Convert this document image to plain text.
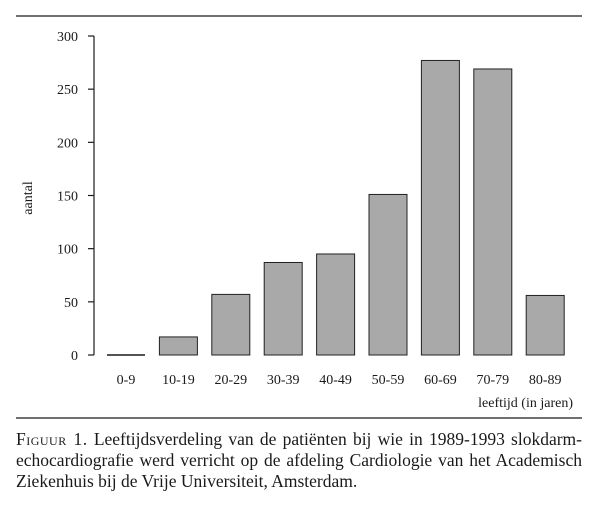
0
50
100
150
200
250
300
0-9 10-19 20-29 30-39 40-49 50-59 60-69 70-79 80-89
aantal
leeftijd (in jaren)
Figuur 1. Leeftijdsverdeling van de patiënten bij wie in 1989-1993 slokdarm-echocardiografie werd verricht op de afdeling Cardiologie van het Academisch Ziekenhuis bij de Vrije Universiteit, Amsterdam.
